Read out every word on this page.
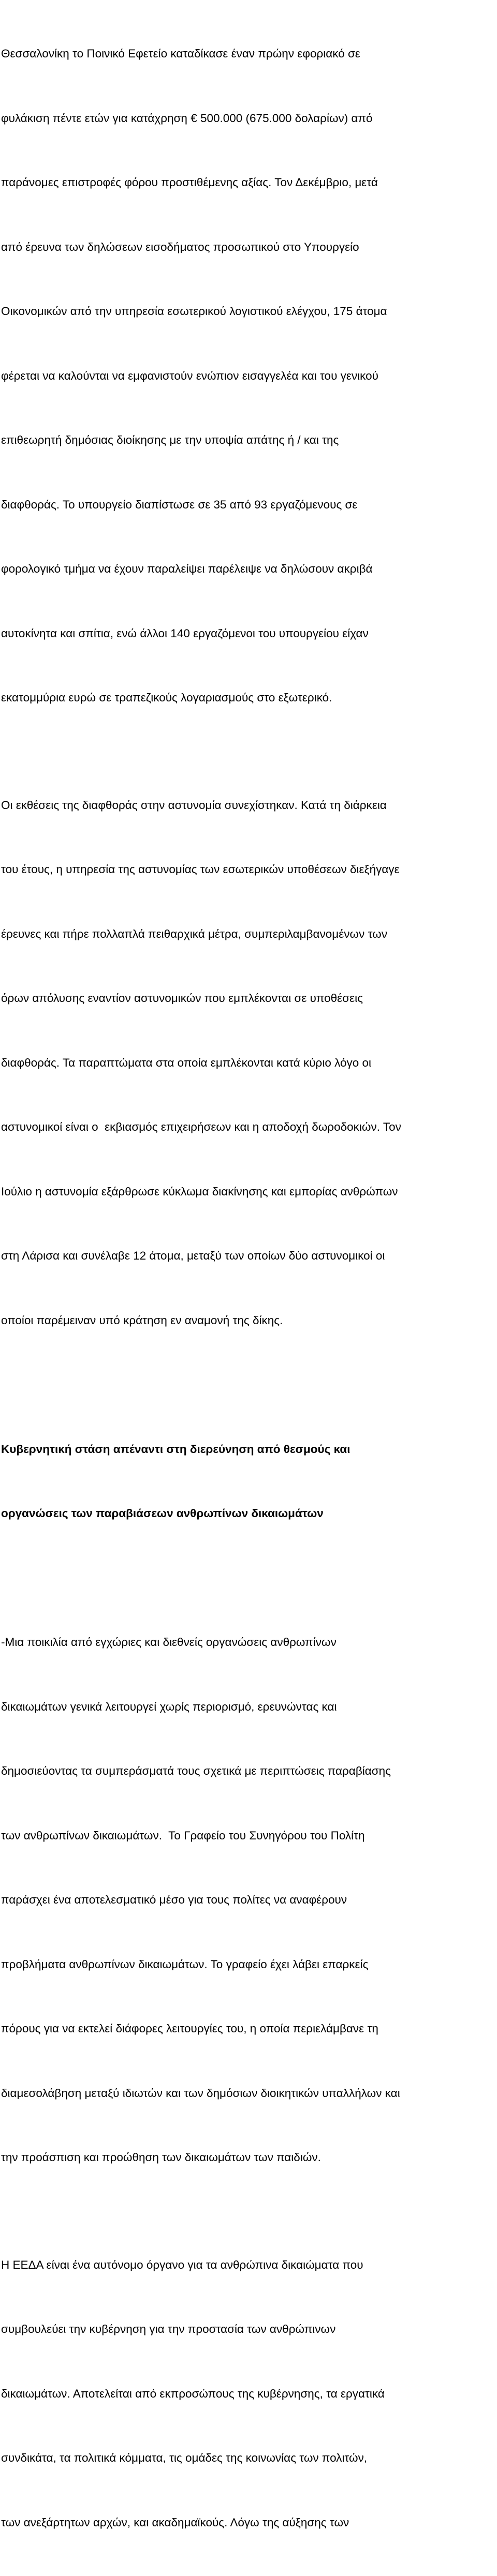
Θεσσαλονίκη το Ποινικό Εφετείο καταδίκασε έναν πρώην εφοριακό σε

φυλάκιση πέντε ετών για κατάχρηση € 500.000 (675.000 δολαρίων) από

παράνομες επιστροφές φόρου προστιθέμενης αξίας. Τον Δεκέμβριο, μετά

από έρευνα των δηλώσεων εισοδήματος προσωπικού στο Υπουργείο

Οικονομικών από την υπηρεσία εσωτερικού λογιστικού ελέγχου, 175 άτομα

φέρεται να καλούνται να εμφανιστούν ενώπιον εισαγγελέα και του γενικού

επιθεωρητή δημόσιας διοίκησης με την υποψία απάτης ή / και της

διαφθοράς. Το υπουργείο διαπίστωσε σε 35 από 93 εργαζόμενους σε

φορολογικό τμήμα να έχουν παραλείψει παρέλειψε να δηλώσουν ακριβά

αυτοκίνητα και σπίτια, ενώ άλλοι 140 εργαζόμενοι του υπουργείου είχαν

εκατομμύρια ευρώ σε τραπεζικούς λογαριασμούς στο εξωτερικό.

Οι εκθέσεις της διαφθοράς στην αστυνομία συνεχίστηκαν. Κατά τη διάρκεια

του έτους, η υπηρεσία της αστυνομίας των εσωτερικών υποθέσεων διεξήγαγε

έρευνες και πήρε πολλαπλά πειθαρχικά μέτρα, συμπεριλαμβανομένων των

όρων απόλυσης εναντίον αστυνομικών που εμπλέκονται σε υποθέσεις

διαφθοράς. Τα παραπτώματα στα οποία εμπλέκονται κατά κύριο λόγο οι

αστυνομικοί είναι ο  εκβιασμός επιχειρήσεων και η αποδοχή δωροδοκιών. Τον

Ιούλιο η αστυνομία εξάρθρωσε κύκλωμα διακίνησης και εμπορίας ανθρώπων

στη Λάρισα και συνέλαβε 12 άτομα, μεταξύ των οποίων δύο αστυνομικοί οι

οποίοι παρέμειναν υπό κράτηση εν αναμονή της δίκης.

Κυβερνητική στάση απέναντι στη διερεύνηση από θεσμούς και

οργανώσεις των παραβιάσεων ανθρωπίνων δικαιωμάτων

-Μια ποικιλία από εγχώριες και διεθνείς οργανώσεις ανθρωπίνων

δικαιωμάτων γενικά λειτουργεί χωρίς περιορισμό, ερευνώντας και

δημοσιεύοντας τα συμπεράσματά τους σχετικά με περιπτώσεις παραβίασης

των ανθρωπίνων δικαιωμάτων.  Το Γραφείο του Συνηγόρου του Πολίτη

παράσχει ένα αποτελεσματικό μέσο για τους πολίτες να αναφέρουν

προβλήματα ανθρωπίνων δικαιωμάτων. Το γραφείο έχει λάβει επαρκείς

πόρους για να εκτελεί διάφορες λειτουργίες του, η οποία περιελάμβανε τη

διαμεσολάβηση μεταξύ ιδιωτών και των δημόσιων διοικητικών υπαλλήλων και

την προάσπιση και προώθηση των δικαιωμάτων των παιδιών.

Η ΕΕΔΑ είναι ένα αυτόνομο όργανο για τα ανθρώπινα δικαιώματα που

συμβουλεύει την κυβέρνηση για την προστασία των ανθρώπινων

δικαιωμάτων. Αποτελείται από εκπροσώπους της κυβέρνησης, τα εργατικά

συνδικάτα, τα πολιτικά κόμματα, τις ομάδες της κοινωνίας των πολιτών,

των ανεξάρτητων αρχών, και ακαδημαϊκούς. Λόγω της αύξησης των
